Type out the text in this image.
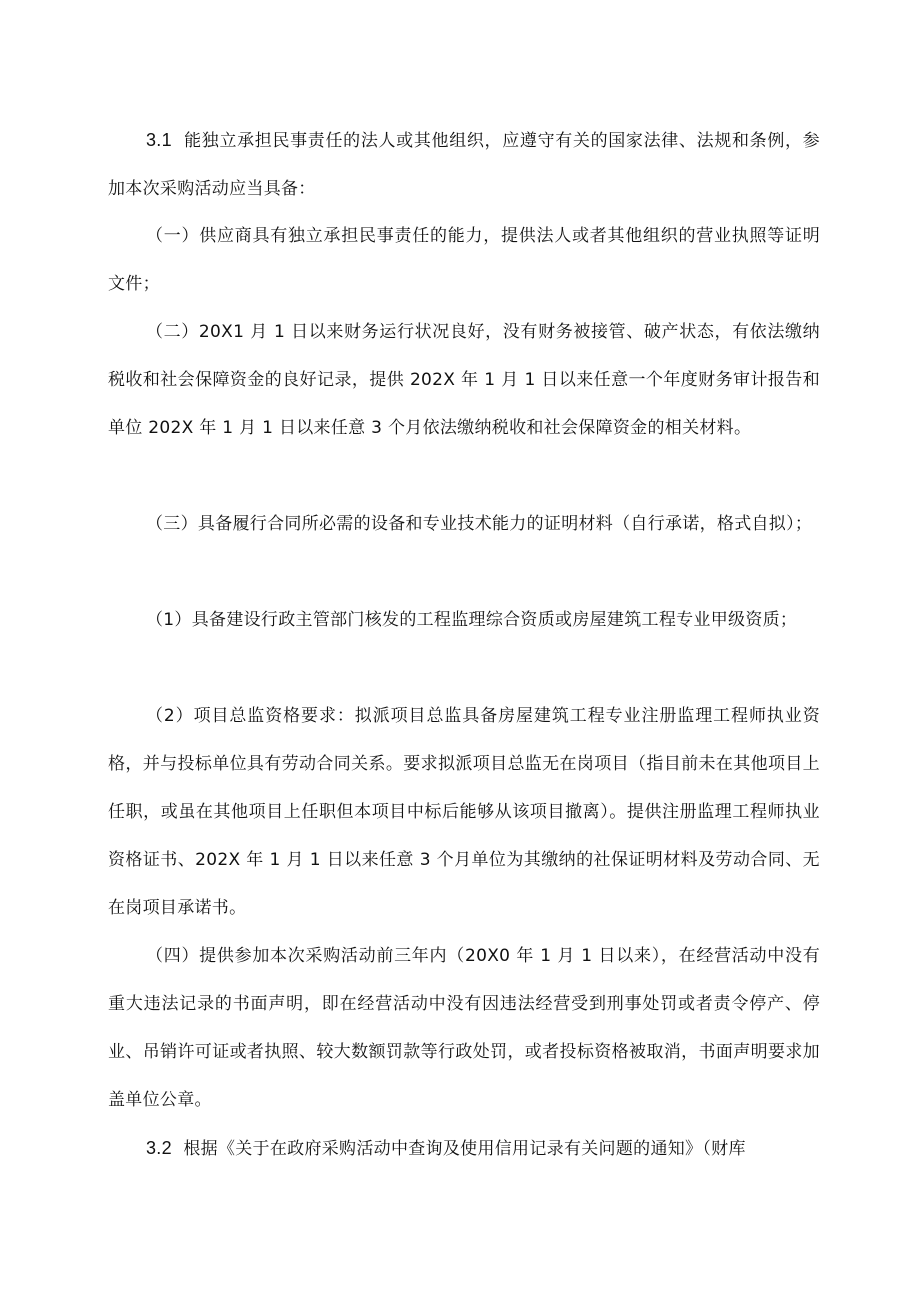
3.1 能独立承担民事责任的法人或其他组织，应遵守有关的国家法律、法规和条例，参加本次采购活动应当具备：

（一）供应商具有独立承担民事责任的能力，提供法人或者其他组织的营业执照等证明文件；

（二）20X1 月 1 日以来财务运行状况良好，没有财务被接管、破产状态，有依法缴纳税收和社会保障资金的良好记录，提供 202X 年 1 月 1 日以来任意一个年度财务审计报告和单位 202X 年 1 月 1 日以来任意 3 个月依法缴纳税收和社会保障资金的相关材料。

（三）具备履行合同所必需的设备和专业技术能力的证明材料（自行承诺，格式自拟）；

（1）具备建设行政主管部门核发的工程监理综合资质或房屋建筑工程专业甲级资质；

（2）项目总监资格要求：拟派项目总监具备房屋建筑工程专业注册监理工程师执业资格，并与投标单位具有劳动合同关系。要求拟派项目总监无在岗项目（指目前未在其他项目上任职，或虽在其他项目上任职但本项目中标后能够从该项目撤离）。提供注册监理工程师执业资格证书、202X 年 1 月 1 日以来任意 3 个月单位为其缴纳的社保证明材料及劳动合同、无在岗项目承诺书。

（四）提供参加本次采购活动前三年内（20X0 年 1 月 1 日以来），在经营活动中没有重大违法记录的书面声明，即在经营活动中没有因违法经营受到刑事处罚或者责令停产、停业、吊销许可证或者执照、较大数额罚款等行政处罚，或者投标资格被取消，书面声明要求加盖单位公章。

3.2 根据《关于在政府采购活动中查询及使用信用记录有关问题的通知》（财库
